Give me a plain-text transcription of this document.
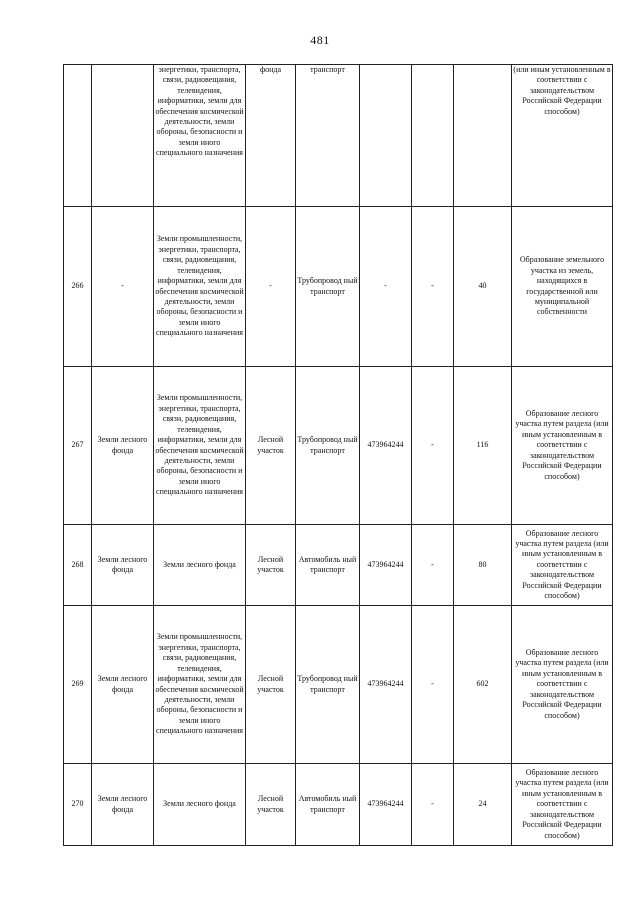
481
		энергетики, транспорта, связи, радиовещания, телевидения, информатики, земли для обеспечения космической деятельности, земли обороны, безопасности и земли иного специального назначения	фонда	транспорт				(или иным установленным в соответствии с законодательством Российской Федерации способом)
266	-	Земли промышленности, энергетики, транспорта, связи, радиовещания, телевидения, информатики, земли для обеспечения космической деятельности, земли обороны, безопасности и земли иного специального назначения	-	Трубопровод ный транспорт	-	-	40	Образование земельного участка из земель, находящихся в государственной или муниципальной собственности
267	Земли лесного фонда	Земли промышленности, энергетики, транспорта, связи, радиовещания, телевидения, информатики, земли для обеспечения космической деятельности, земли обороны, безопасности и земли иного специального назначения	Лесной участок	Трубопровод ный транспорт	473964244	-	116	Образование лесного участка путем раздела (или иным установленным в соответствии с законодательством Российской Федерации способом)
268	Земли лесного фонда	Земли лесного фонда	Лесной участок	Автомобиль ный транспорт	473964244	-	80	Образование лесного участка путем раздела (или иным установленным в соответствии с законодательством Российской Федерации способом)
269	Земли лесного фонда	Земли промышленности, энергетики, транспорта, связи, радиовещания, телевидения, информатики, земли для обеспечения космической деятельности, земли обороны, безопасности и земли иного специального назначения	Лесной участок	Трубопровод ный транспорт	473964244	-	602	Образование лесного участка путем раздела (или иным установленным в соответствии с законодательством Российской Федерации способом)
270	Земли лесного фонда	Земли лесного фонда	Лесной участок	Автомобиль ный транспорт	473964244	-	24	Образование лесного участка путем раздела (или иным установленным в соответствии с законодательством Российской Федерации способом)
